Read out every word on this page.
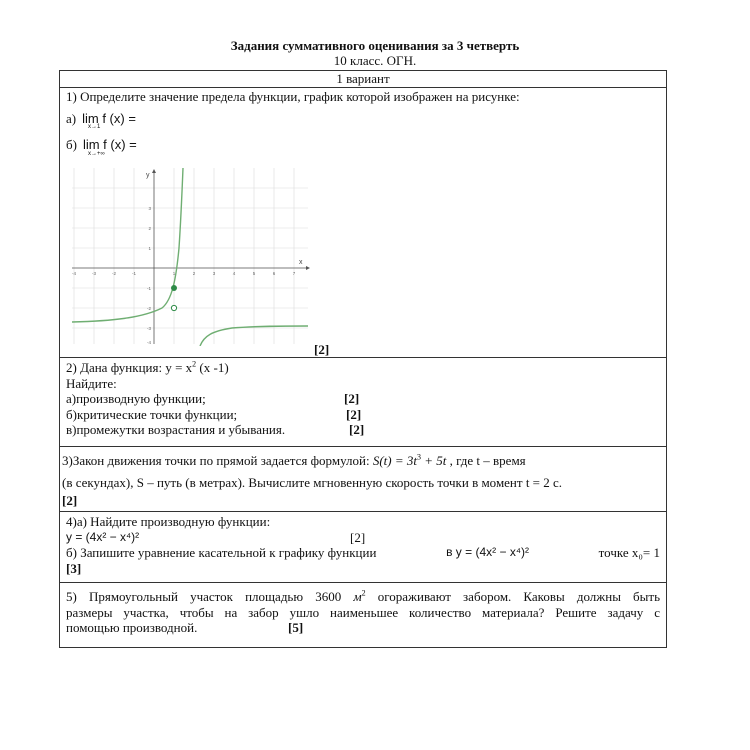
Задания суммативного оценивания за 3 четверть
10 класс. ОГН.
1 вариант
1) Определите значение предела функции, график которой изображен на рисунке:
а) lim f (x) =
x→1
б) lim f (x) =
x→+∞
x
y
-4	-3	-2	-1	1	2	3	4	5	6	7
3
2
1
-1
-2
-3
-4	[2]
2) Дана функция: $y = x^2$ (x -1)
Найдите:
а)производную функции;	[2]
б)критические точки функции;	[2]
в)промежутки возрастания и убывания.	[2]
3)Закон движения точки по прямой задается формулой: $S(t) = 3t^3 + 5t$ , где t – время
(в секундах), S – путь (в метрах). Вычислите мгновенную скорость точки в момент t = 2 с.
[2]
4)а) Найдите производную функции:
y = (4x² − x⁴)²	[2]
б) Запишите уравнение касательной к графику функции	в y = (4x² − x⁴)²	точке x₀= 1
[3]
5) Прямоугольный участок площадью 3600 $м^2$ огораживают забором. Каковы должны быть
размеры участка, чтобы на забор ушло наименьшее количество материала? Решите задачу с
помощью производной.	[5]
